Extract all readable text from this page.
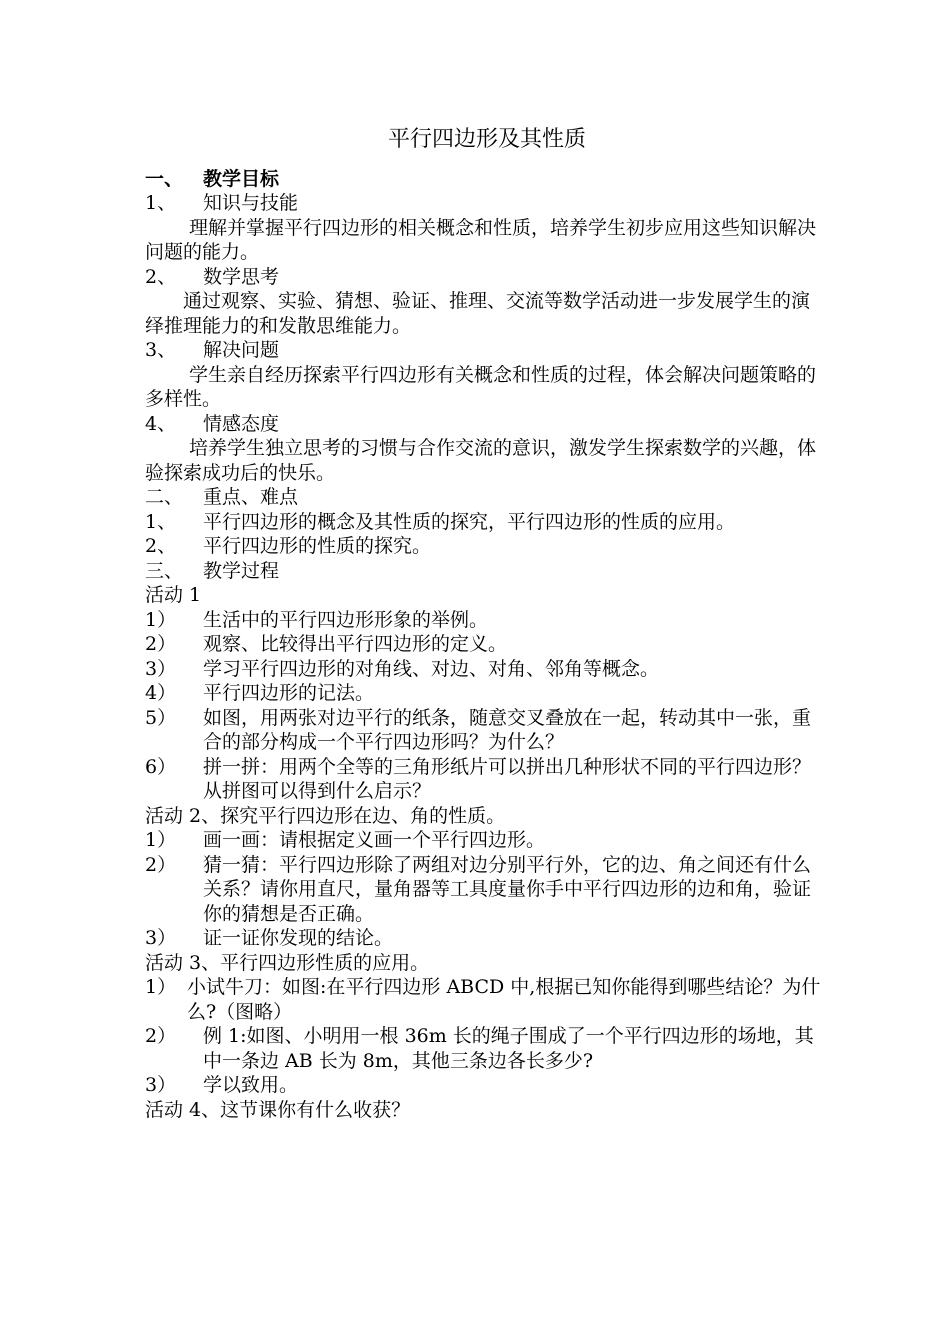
平行四边形及其性质
一、	教学目标
1、	知识与技能
理解并掌握平行四边形的相关概念和性质，培养学生初步应用这些知识解决问题的能力。
2、	数学思考
通过观察、实验、猜想、验证、推理、交流等数学活动进一步发展学生的演绎推理能力的和发散思维能力。
3、	解决问题
学生亲自经历探索平行四边形有关概念和性质的过程，体会解决问题策略的多样性。
4、	情感态度
培养学生独立思考的习惯与合作交流的意识，激发学生探索数学的兴趣，体验探索成功后的快乐。
二、	重点、难点
1、	平行四边形的概念及其性质的探究，平行四边形的性质的应用。
2、	平行四边形的性质的探究。
三、	教学过程
活动 1
1）	生活中的平行四边形形象的举例。
2）	观察、比较得出平行四边形的定义。
3）	学习平行四边形的对角线、对边、对角、邻角等概念。
4）	平行四边形的记法。
5）	如图，用两张对边平行的纸条，随意交叉叠放在一起，转动其中一张，重合的部分构成一个平行四边形吗？为什么？
6）	拼一拼：用两个全等的三角形纸片可以拼出几种形状不同的平行四边形？从拼图可以得到什么启示？
活动 2、探究平行四边形在边、角的性质。
1）	画一画：请根据定义画一个平行四边形。
2）	猜一猜：平行四边形除了两组对边分别平行外，它的边、角之间还有什么关系？请你用直尺，量角器等工具度量你手中平行四边形的边和角，验证你的猜想是否正确。
3）	证一证你发现的结论。
活动 3、平行四边形性质的应用。
1） 小试牛刀：如图:在平行四边形 ABCD 中,根据已知你能得到哪些结论？为什么?（图略）
2）	例 1:如图、小明用一根 36m 长的绳子围成了一个平行四边形的场地，其中一条边 AB 长为 8m，其他三条边各长多少?
3）	学以致用。
活动 4、这节课你有什么收获？
